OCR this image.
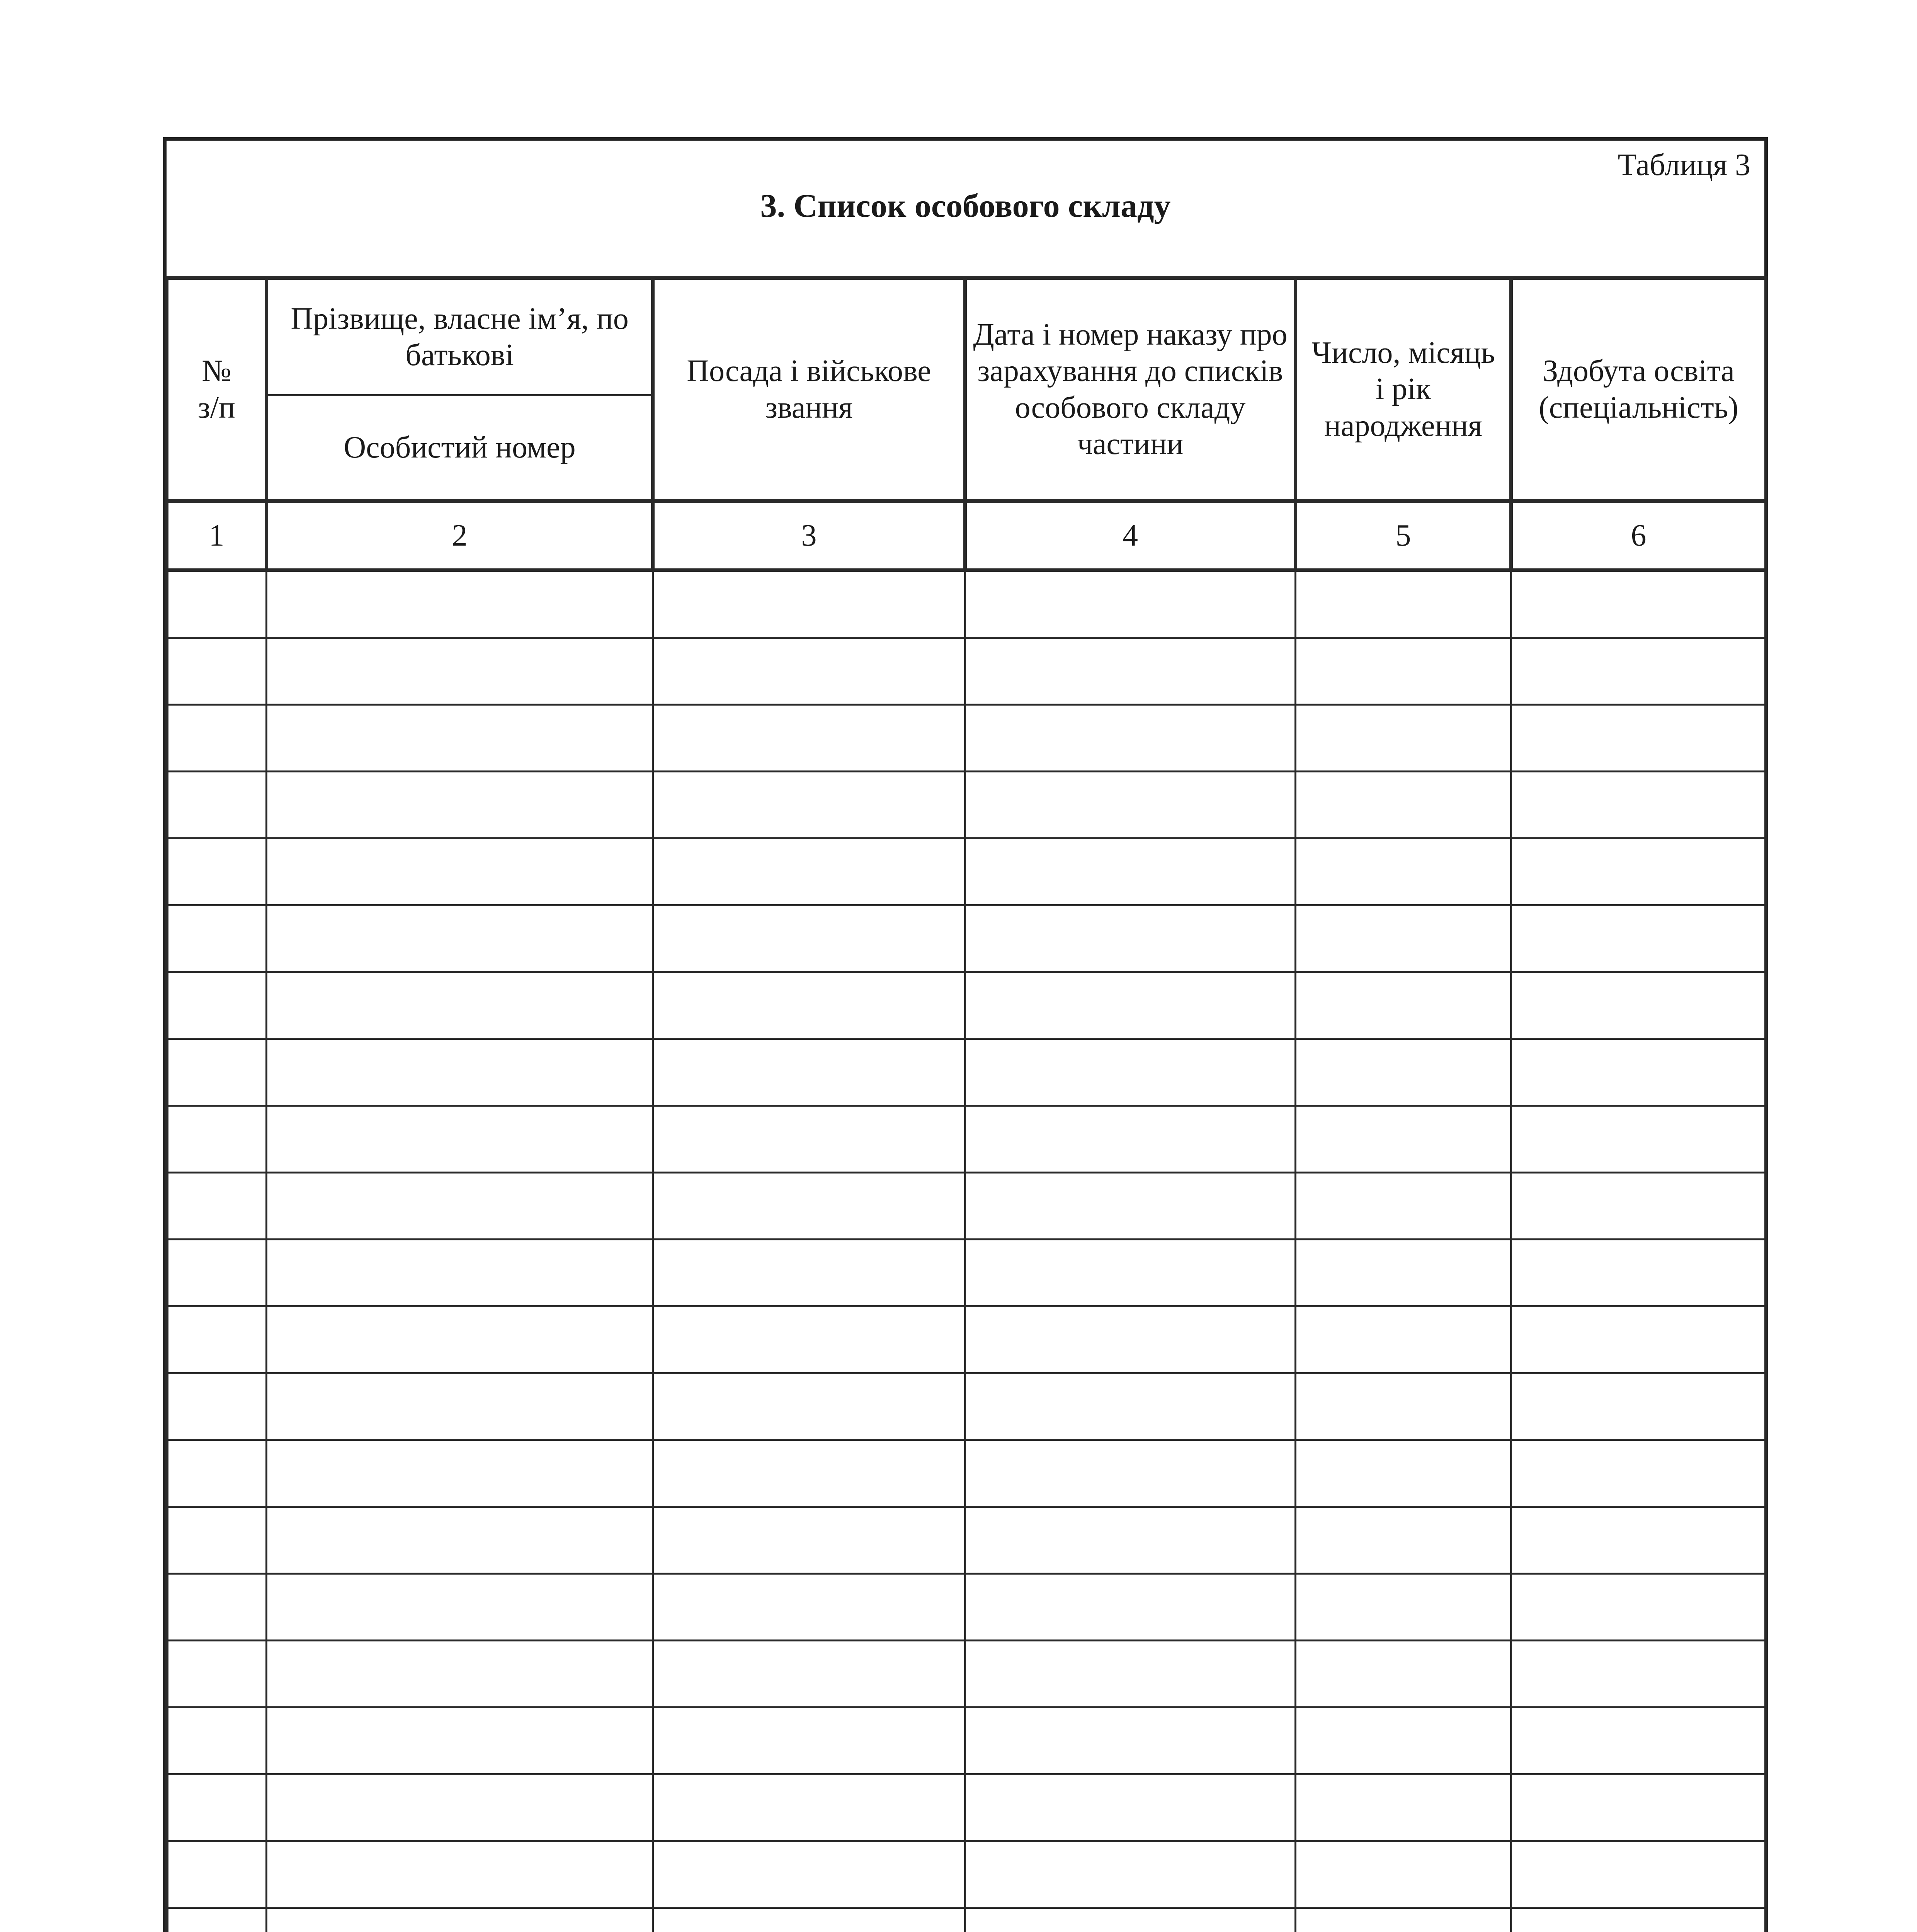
Таблиця 3
3. Список особового складу
№ з/п	Прізвище, власне ім’я, по батькові	Посада і військове звання	Дата і номер наказу про зарахування до списків особового складу частини	Число, місяць і рік народження	Здобута освіта (спеціальність)
	Особистий номер				
1	2	3	4	5	6
